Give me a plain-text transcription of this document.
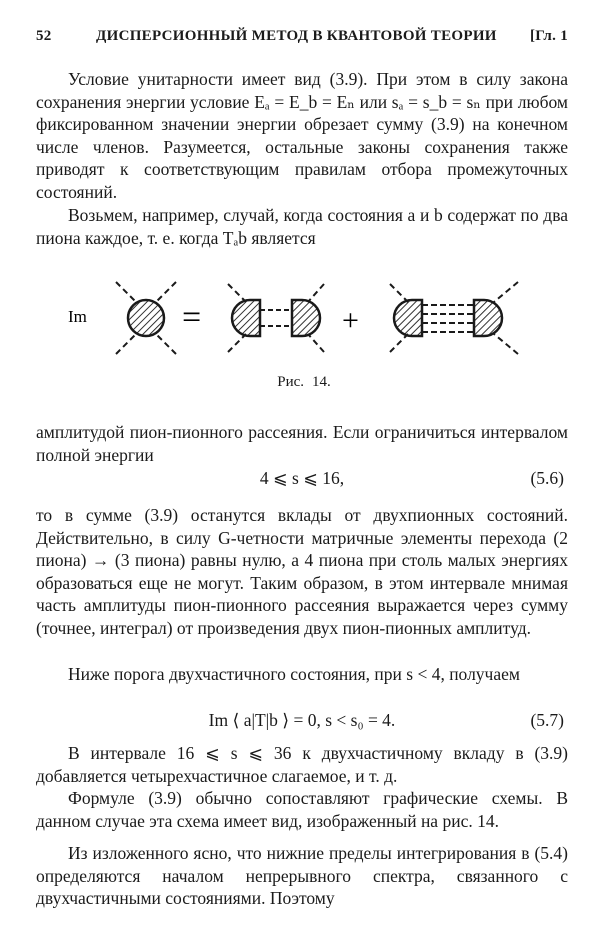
52	ДИСПЕРСИОННЫЙ МЕТОД В КВАНТОВОЙ ТЕОРИИ [Гл. 1

Условие унитарности имеет вид (3.9). При этом в силу закона сохранения энергии условие Eₐ = E_b = Eₙ или sₐ = s_b = sₙ при любом фиксированном значении энергии обрезает сумму (3.9) на конечном числе членов. Разумеется, остальные законы сохранения также приводят к соответствующим правилам отбора промежуточных состояний.

Возьмем, например, случай, когда состояния a и b содержат по два пиона каждое, т. е. когда Tₐb является

Im	=	+
Рис. 14.

амплитудой пион-пионного рассеяния. Если ограничиться интервалом полной энергии

4 ⩽ s ⩽ 16,	(5.6)

то в сумме (3.9) останутся вклады от двухпионных состояний. Действительно, в силу G-четности матричные элементы перехода (2 пиона) → (3 пиона) равны нулю, а 4 пиона при столь малых энергиях образоваться еще не могут. Таким образом, в этом интервале мнимая часть амплитуды пион-пионного рассеяния выражается через сумму (точнее, интеграл) от произведения двух пион-пионных амплитуд.

Ниже порога двухчастичного состояния, при s < 4, получаем

Im ⟨ a|T|b ⟩ = 0, s < s₀ = 4.	(5.7)

В интервале 16 ⩽ s ⩽ 36 к двухчастичному вкладу в (3.9) добавляется четырехчастичное слагаемое, и т. д.

Формуле (3.9) обычно сопоставляют графические схемы. В данном случае эта схема имеет вид, изображенный на рис. 14.

Из изложенного ясно, что нижние пределы интегрирования в (5.4) определяются началом непрерывного спектра, связанного с двухчастичными состояниями. Поэтому
